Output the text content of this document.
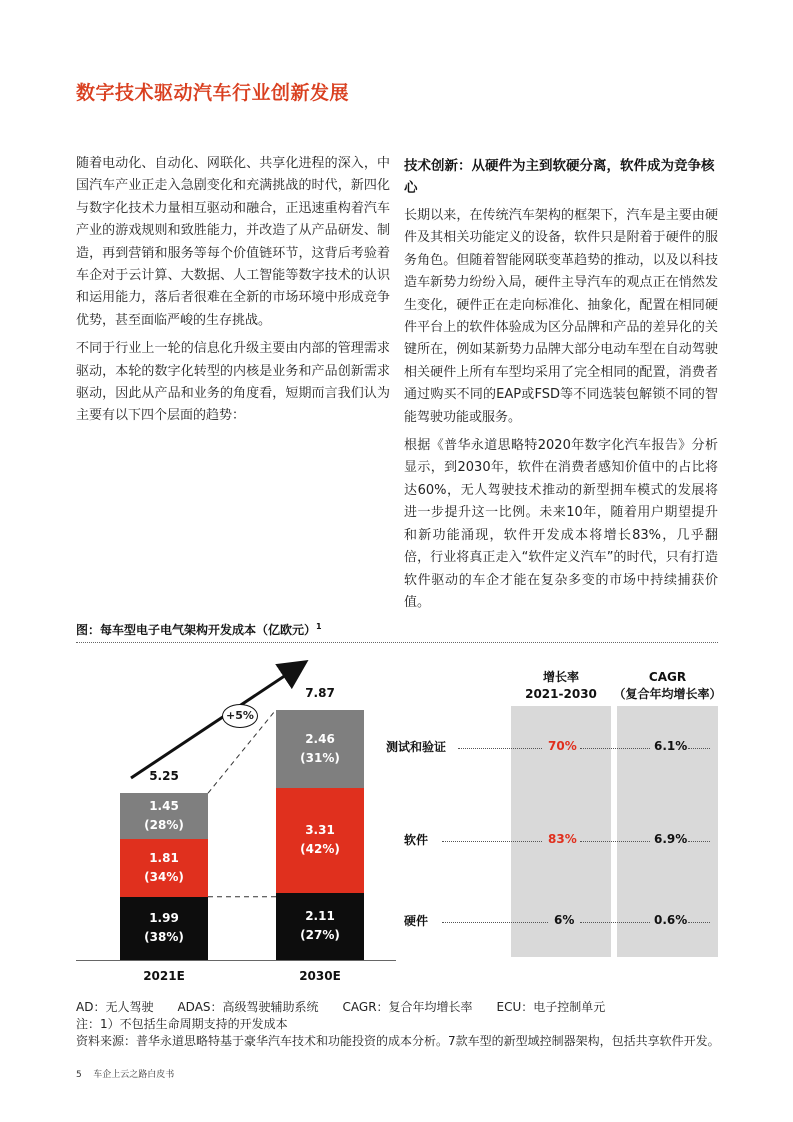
数字技术驱动汽车行业创新发展

随着电动化、自动化、网联化、共享化进程的深入，中国汽车产业正走入急剧变化和充满挑战的时代，新四化与数字化技术力量相互驱动和融合，正迅速重构着汽车产业的游戏规则和致胜能力，并改造了从产品研发、制造，再到营销和服务等每个价值链环节，这背后考验着车企对于云计算、大数据、人工智能等数字技术的认识和运用能力，落后者很难在全新的市场环境中形成竞争优势，甚至面临严峻的生存挑战。

不同于行业上一轮的信息化升级主要由内部的管理需求驱动，本轮的数字化转型的内核是业务和产品创新需求驱动，因此从产品和业务的角度看，短期而言我们认为主要有以下四个层面的趋势：

技术创新：从硬件为主到软硬分离，软件成为竞争核心

长期以来，在传统汽车架构的框架下，汽车是主要由硬件及其相关功能定义的设备，软件只是附着于硬件的服务角色。但随着智能网联变革趋势的推动，以及以科技造车新势力纷纷入局，硬件主导汽车的观点正在悄然发生变化，硬件正在走向标准化、抽象化，配置在相同硬件平台上的软件体验成为区分品牌和产品的差异化的关键所在，例如某新势力品牌大部分电动车型在自动驾驶相关硬件上所有车型均采用了完全相同的配置，消费者通过购买不同的EAP或FSD等不同选装包解锁不同的智能驾驶功能或服务。

根据《普华永道思略特2020年数字化汽车报告》分析显示，到2030年，软件在消费者感知价值中的占比将达60%，无人驾驶技术推动的新型拥车模式的发展将进一步提升这一比例。未来10年，随着用户期望提升和新功能涌现，软件开发成本将增长83%，几乎翻倍，行业将真正走入“软件定义汽车”的时代，只有打造软件驱动的车企才能在复杂多变的市场中持续捕获价值。

图：每车型电子电气架构开发成本（亿欧元）$^1$
+5%
1.99
(38%)
1.81
(34%)
1.45
(28%)
5.25
2.11
(27%)
3.31
(42%)
2.46
(31%)
7.87
2021E	2030E
增长率
2021-2030
CAGR
（复合年均增长率）
测试和验证	70%	6.1%
软件	83%	6.9%
硬件	6%	0.6%
AD：无人驾驶　　ADAS：高级驾驶辅助系统　　CAGR：复合年均增长率　　ECU：电子控制单元
注：1）不包括生命周期支持的开发成本
资料来源：普华永道思略特基于豪华汽车技术和功能投资的成本分析。7款车型的新型域控制器架构，包括共享软件开发。
5 车企上云之路白皮书
